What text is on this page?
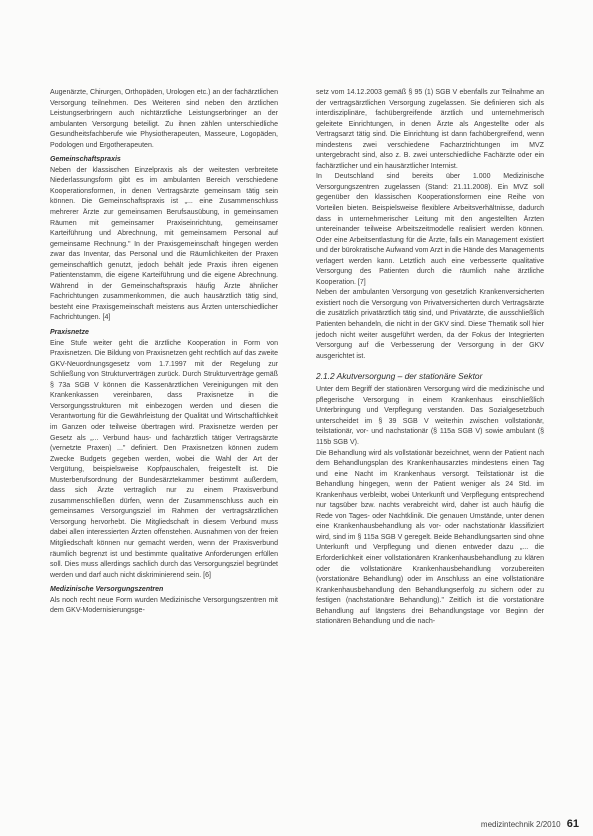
Augenärzte, Chirurgen, Orthopäden, Urologen etc.) an der fachärztlichen Versorgung teilnehmen. Des Weiteren sind neben den ärztlichen Leistungserbringern auch nichtärztliche Leistungserbringer an der ambulanten Versorgung beteiligt. Zu ihnen zählen unterschiedliche Gesundheitsfachberufe wie Physiotherapeuten, Masseure, Logopäden, Podologen und Ergotherapeuten.

Gemeinschaftspraxis

Neben der klassischen Einzelpraxis als der weitesten verbreitete Niederlassungsform gibt es im ambulanten Bereich verschiedene Kooperationsformen, in denen Vertragsärzte gemeinsam tätig sein können. Die Gemeinschaftspraxis ist „... eine Zusammenschluss mehrerer Ärzte zur gemeinsamen Berufsausübung, in gemeinsamen Räumen mit gemeinsamer Praxiseinrichtung, gemeinsamer Karteiführung und Abrechnung, mit gemeinsamem Personal auf gemeinsame Rechnung." In der Praxisgemeinschaft hingegen werden zwar das Inventar, das Personal und die Räumlichkeiten der Praxen gemeinschaftlich genutzt, jedoch behält jede Praxis ihren eigenen Patientenstamm, die eigene Karteiführung und die eigene Abrechnung. Während in der Gemeinschaftspraxis häufig Ärzte ähnlicher Fachrichtungen zusammenkommen, die auch hausärztlich tätig sind, besteht eine Praxisgemeinschaft meistens aus Ärzten unterschiedlicher Fachrichtungen. [4]

Praxisnetze

Eine Stufe weiter geht die ärztliche Kooperation in Form von Praxisnetzen. Die Bildung von Praxisnetzen geht rechtlich auf das zweite GKV-Neuordnungsgesetz vom 1.7.1997 mit der Regelung zur Schließung von Strukturverträgen zurück. Durch Strukturverträge gemäß § 73a SGB V können die Kassenärztlichen Vereinigungen mit den Krankenkassen vereinbaren, dass Praxisnetze in die Versorgungsstrukturen mit einbezogen werden und diesen die Verantwortung für die Gewährleistung der Qualität und Wirtschaftlichkeit im Ganzen oder teilweise übertragen wird. Praxisnetze werden per Gesetz als „... Verbund haus- und fachärztlich tätiger Vertragsärzte (vernetzte Praxen) ..." definiert. Den Praxisnetzen können zudem Zwecke Budgets gegeben werden, wobei die Wahl der Art der Vergütung, beispielsweise Kopfpauschalen, freigestellt ist. Die Musterberufsordnung der Bundesärztekammer bestimmt außerdem, dass sich Ärzte vertraglich nur zu einem Praxisverbund zusammenschließen dürfen, wenn der Zusammenschluss auch ein gemeinsames Versorgungsziel im Rahmen der vertragsärztlichen Versorgung hervorhebt. Die Mitgliedschaft in diesem Verbund muss dabei allen interessierten Ärzten offenstehen. Ausnahmen von der freien Mitgliedschaft können nur gemacht werden, wenn der Praxisverbund räumlich begrenzt ist und bestimmte qualitative Anforderungen erfüllen soll. Dies muss allerdings sachlich durch das Versorgungsziel begründet werden und darf auch nicht diskriminierend sein. [6]

Medizinische Versorgungszentren

Als noch recht neue Form wurden Medizinische Versorgungszentren mit dem GKV-Modernisierungsge-

setz vom 14.12.2003 gemäß § 95 (1) SGB V ebenfalls zur Teilnahme an der vertragsärztlichen Versorgung zugelassen. Sie definieren sich als interdisziplinäre, fachübergreifende ärztlich und unternehmerisch geleitete Einrichtungen, in denen Ärzte als Angestellte oder als Vertragsarzt tätig sind. Die Einrichtung ist dann fachübergreifend, wenn mindestens zwei verschiedene Facharztrichtungen im MVZ untergebracht sind, also z. B. zwei unterschiedliche Fachärzte oder ein fachärztlicher und ein hausärztlicher Internist.

In Deutschland sind bereits über 1.000 Medizinische Versorgungszentren zugelassen (Stand: 21.11.2008). Ein MVZ soll gegenüber den klassischen Kooperationsformen eine Reihe von Vorteilen bieten. Beispielsweise flexiblere Arbeitsverhältnisse, dadurch dass in unternehmerischer Leitung mit den angestellten Ärzten untereinander teilweise Arbeitszeitmodelle realisiert werden können. Oder eine Arbeitsentlastung für die Ärzte, falls ein Management existiert und der bürokratische Aufwand vom Arzt in die Hände des Managements verlagert werden kann. Letztlich auch eine verbesserte qualitative Versorgung des Patienten durch die räumlich nahe ärztliche Kooperation. [7]

Neben der ambulanten Versorgung von gesetzlich Krankenversicherten existiert noch die Versorgung von Privatversicherten durch Vertragsärzte die zusätzlich privatärztlich tätig sind, und Privatärzte, die ausschließlich Patienten behandeln, die nicht in der GKV sind. Diese Thematik soll hier jedoch nicht weiter ausgeführt werden, da der Fokus der Integrierten Versorgung auf die Verbesserung der Versorgung in der GKV ausgerichtet ist.

2.1.2 Akutversorgung – der stationäre Sektor

Unter dem Begriff der stationären Versorgung wird die medizinische und pflegerische Versorgung in einem Krankenhaus einschließlich Unterbringung und Verpflegung verstanden. Das Sozialgesetzbuch unterscheidet im § 39 SGB V weiterhin zwischen vollstationär, teilstationär, vor- und nachstationär (§ 115a SGB V) sowie ambulant (§ 115b SGB V).

Die Behandlung wird als vollstationär bezeichnet, wenn der Patient nach dem Behandlungsplan des Krankenhausarztes mindestens einen Tag und eine Nacht im Krankenhaus versorgt. Teilstationär ist die Behandlung hingegen, wenn der Patient weniger als 24 Std. im Krankenhaus verbleibt, wobei Unterkunft und Verpflegung entsprechend nur tagsüber bzw. nachts verabreicht wird, daher ist auch häufig die Rede von Tages- oder Nachtklinik. Die genauen Umstände, unter denen eine Krankenhausbehandlung als vor- oder nachstationär klassifiziert wird, sind im § 115a SGB V geregelt. Beide Behandlungsarten sind ohne Unterkunft und Verpflegung und dienen entweder dazu „... die Erforderlichkeit einer vollstationären Krankenhausbehandlung zu klären oder die vollstationäre Krankenhausbehandlung vorzubereiten (vorstationäre Behandlung) oder im Anschluss an eine vollstationäre Krankenhausbehandlung den Behandlungserfolg zu sichern oder zu festigen (nachstationäre Behandlung)." Zeitlich ist die vorstationäre Behandlung auf längstens drei Behandlungstage vor Beginn der stationären Behandlung und die nach-

medizintechnik 2/2010 61
